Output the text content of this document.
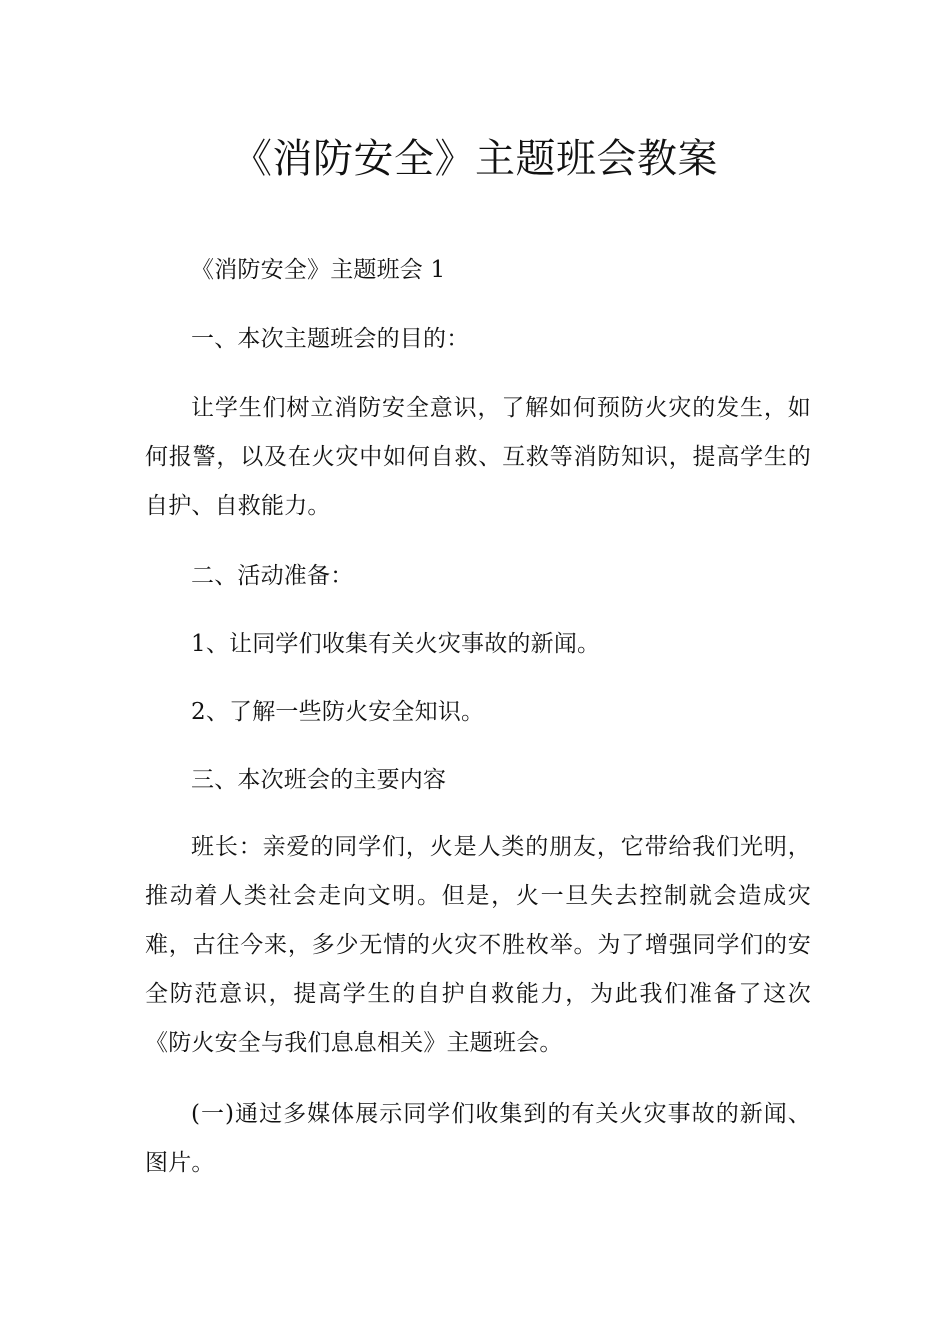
《消防安全》主题班会教案

《消防安全》主题班会 1

一、本次主题班会的目的：

让学生们树立消防安全意识，了解如何预防火灾的发生，如何报警，以及在火灾中如何自救、互救等消防知识，提高学生的自护、自救能力。

二、活动准备：

1、让同学们收集有关火灾事故的新闻。

2、了解一些防火安全知识。

三、本次班会的主要内容

班长：亲爱的同学们，火是人类的朋友，它带给我们光明，推动着人类社会走向文明。但是，火一旦失去控制就会造成灾难，古往今来，多少无情的火灾不胜枚举。为了增强同学们的安全防范意识，提高学生的自护自救能力，为此我们准备了这次《防火安全与我们息息相关》主题班会。

(一)通过多媒体展示同学们收集到的有关火灾事故的新闻、图片。
